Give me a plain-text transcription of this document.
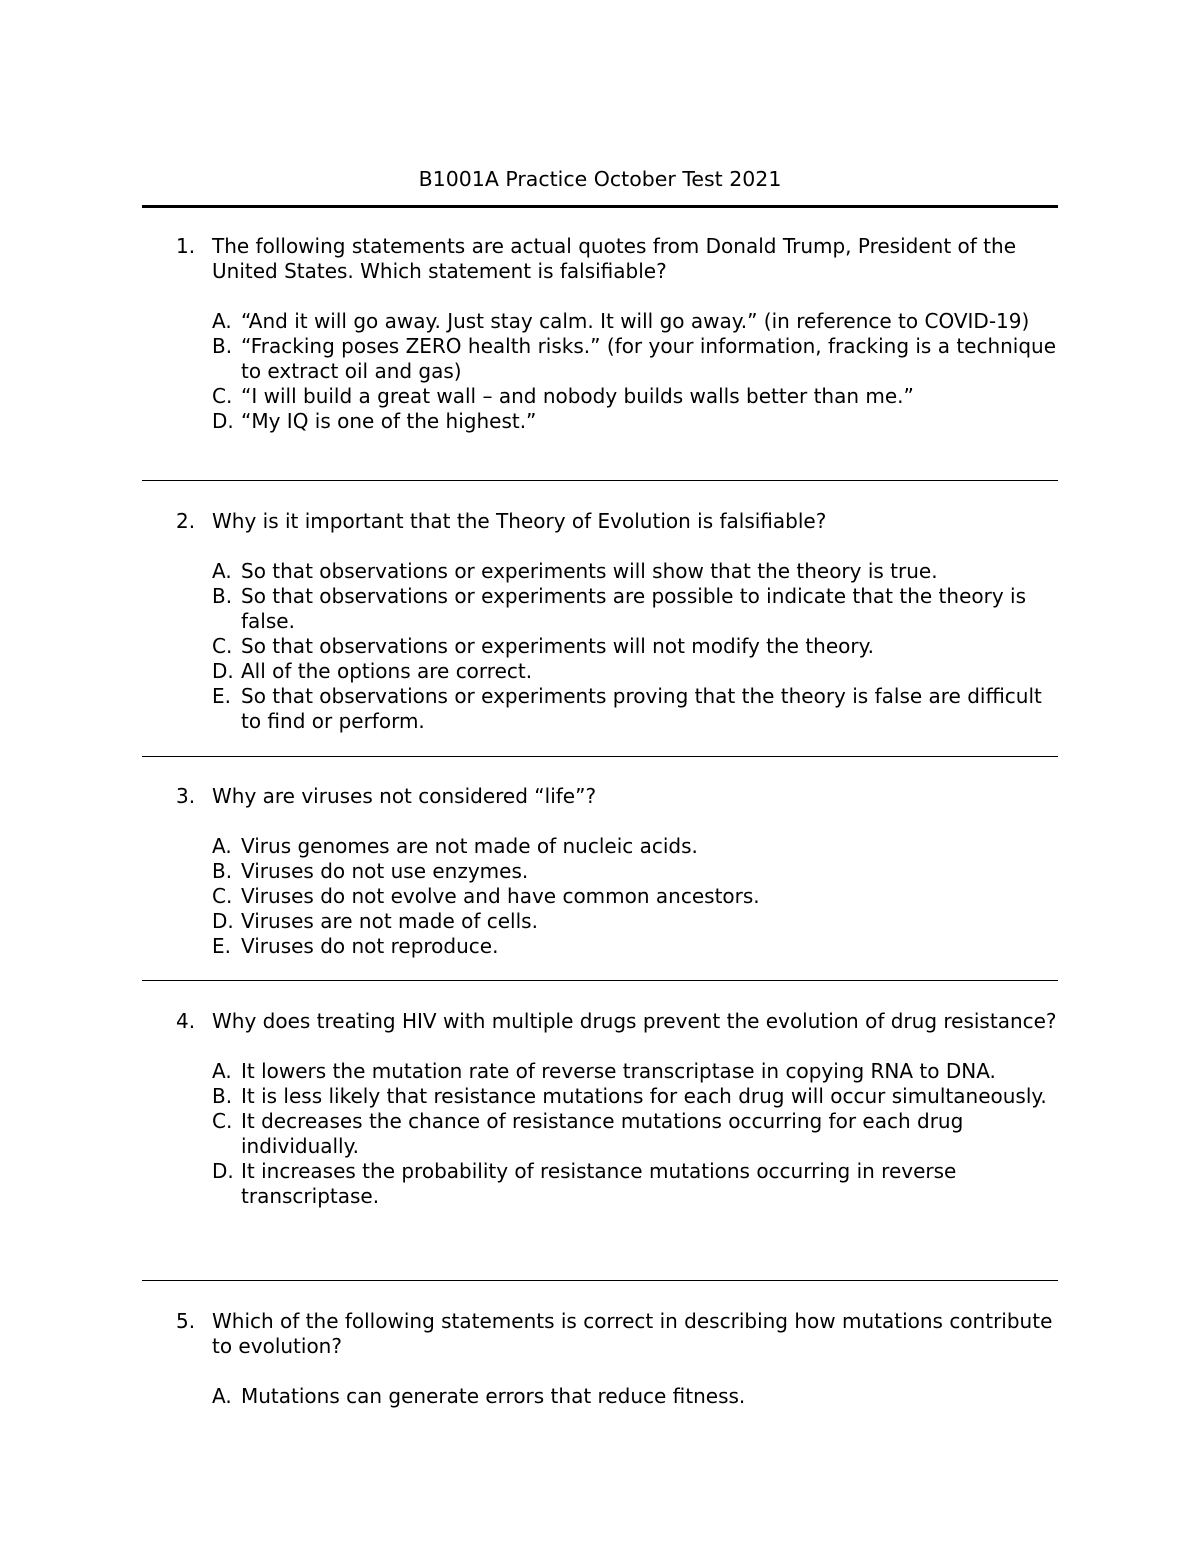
B1001A Practice October Test 2021
1. The following statements are actual quotes from Donald Trump, President of the United States. Which statement is falsifiable?
A. “And it will go away. Just stay calm. It will go away.” (in reference to COVID-19)
B. “Fracking poses ZERO health risks.” (for your information, fracking is a technique to extract oil and gas)
C. “I will build a great wall – and nobody builds walls better than me.”
D. “My IQ is one of the highest.”
2. Why is it important that the Theory of Evolution is falsifiable?
A. So that observations or experiments will show that the theory is true.
B. So that observations or experiments are possible to indicate that the theory is false.
C. So that observations or experiments will not modify the theory.
D. All of the options are correct.
E. So that observations or experiments proving that the theory is false are difficult to find or perform.
3. Why are viruses not considered “life”?
A. Virus genomes are not made of nucleic acids.
B. Viruses do not use enzymes.
C. Viruses do not evolve and have common ancestors.
D. Viruses are not made of cells.
E. Viruses do not reproduce.
4. Why does treating HIV with multiple drugs prevent the evolution of drug resistance?
A. It lowers the mutation rate of reverse transcriptase in copying RNA to DNA.
B. It is less likely that resistance mutations for each drug will occur simultaneously.
C. It decreases the chance of resistance mutations occurring for each drug individually.
D. It increases the probability of resistance mutations occurring in reverse transcriptase.
5. Which of the following statements is correct in describing how mutations contribute to evolution?
A. Mutations can generate errors that reduce fitness.
